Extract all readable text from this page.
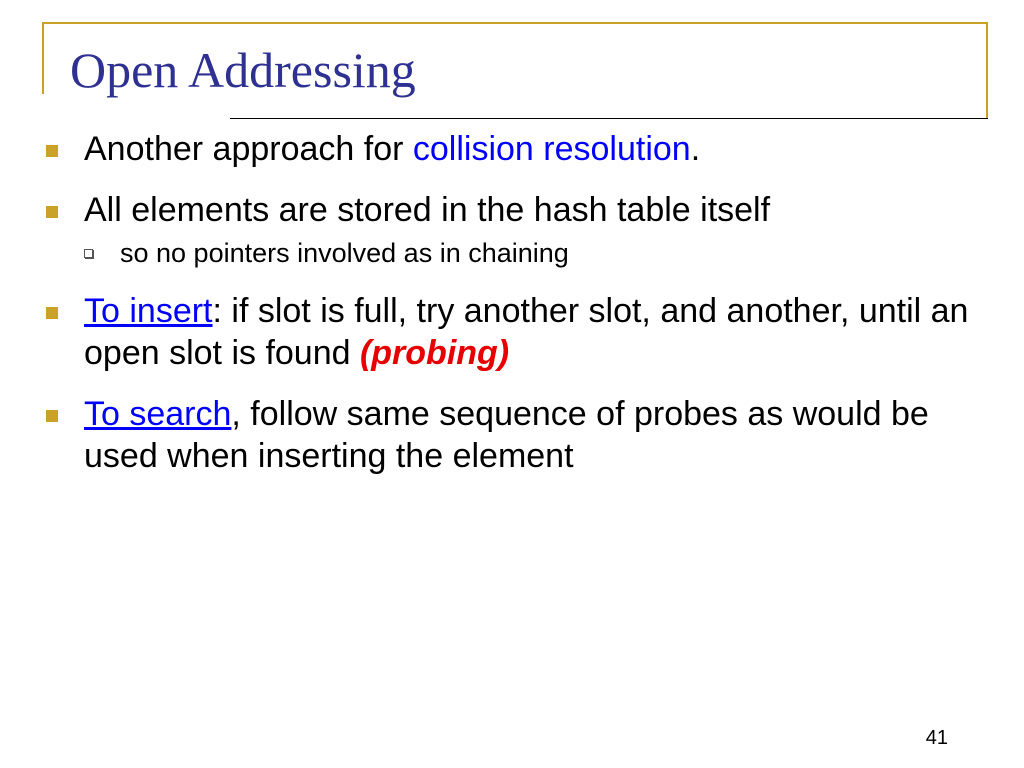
Open Addressing
Another approach for collision resolution.
All elements are stored in the hash table itself
so no pointers involved as in chaining
To insert: if slot is full, try another slot, and another, until an open slot is found (probing)
To search, follow same sequence of probes as would be used when inserting the element
41
